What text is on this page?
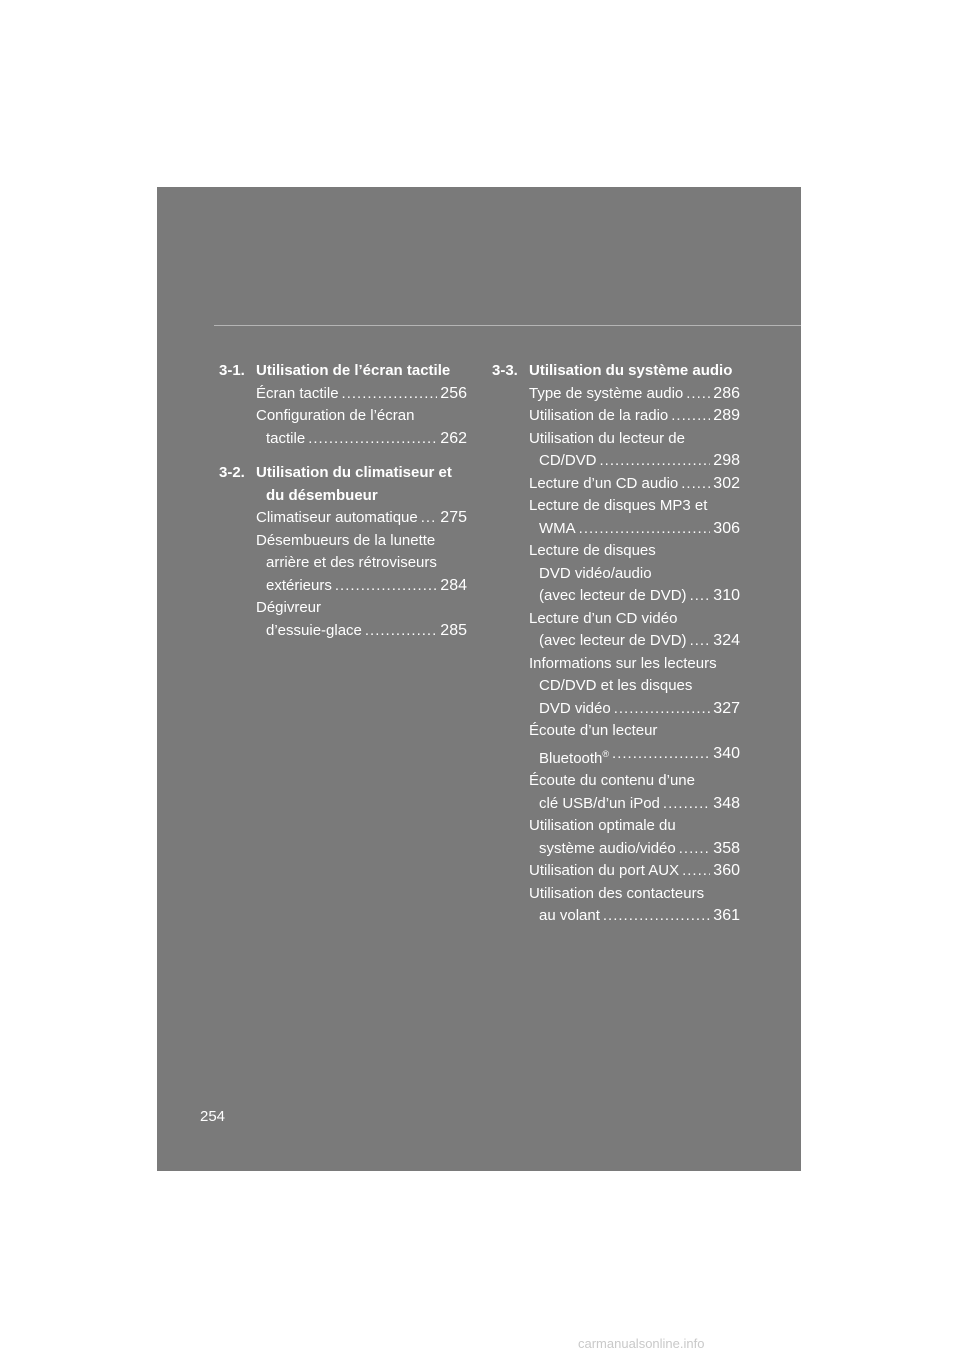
3-1. Utilisation de l’écran tactile
Écran tactile .....	256
Configuration de l’écran
tactile .....	262
3-2. Utilisation du climatiseur et
du désembueur
Climatiseur automatique ..... 275
Désembueurs de la lunette
arrière et des rétroviseurs
extérieurs .....	284
Dégivreur
d’essuie-glace .....	285
3-3. Utilisation du système audio
Type de système audio ..... 286
Utilisation de la radio .....	289
Utilisation du lecteur de
CD/DVD .....	298
Lecture d’un CD audio ..... 302
Lecture de disques MP3 et
WMA .....	306
Lecture de disques
DVD vidéo/audio
(avec lecteur de DVD) ..... 310
Lecture d’un CD vidéo
(avec lecteur de DVD) ..... 324
Informations sur les lecteurs
CD/DVD et les disques
DVD vidéo .....	327
Écoute d’un lecteur
Bluetooth® .....	340
Écoute du contenu d’une
clé USB/d’un iPod .....	348
Utilisation optimale du
système audio/vidéo ..... 358
Utilisation du port AUX ..... 360
Utilisation des contacteurs
au volant .....	361
254
carmanualsonline.info
